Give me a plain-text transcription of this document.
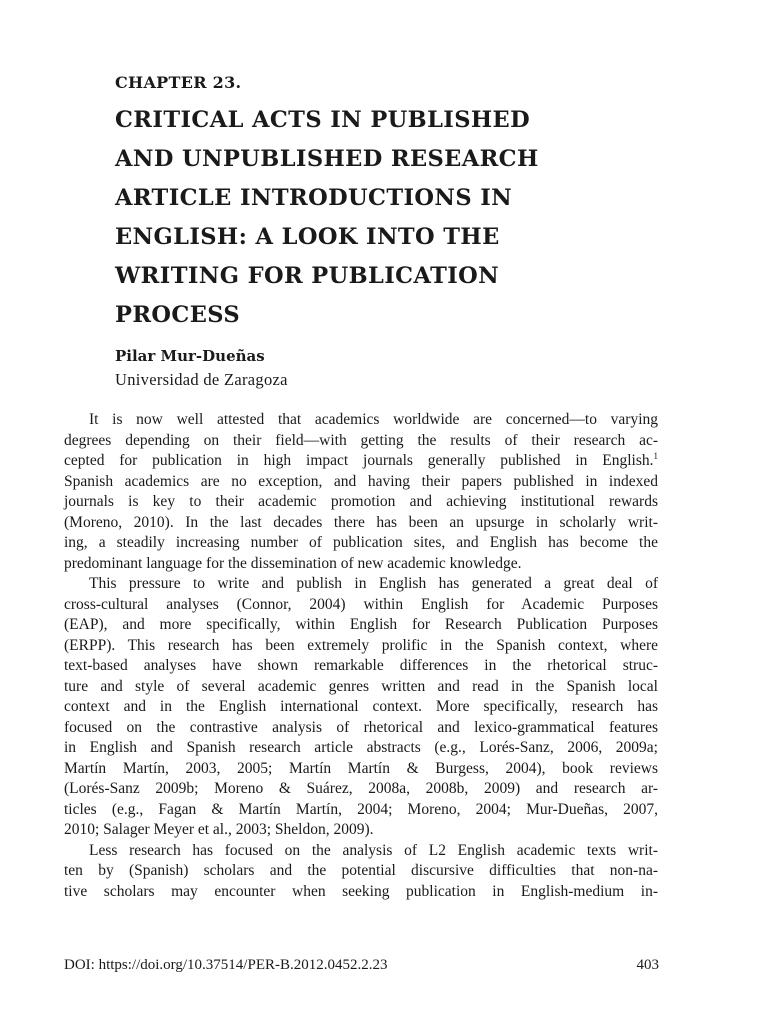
CHAPTER 23.
CRITICAL ACTS IN PUBLISHED
AND UNPUBLISHED RESEARCH
ARTICLE INTRODUCTIONS IN
ENGLISH: A LOOK INTO THE
WRITING FOR PUBLICATION
PROCESS
Pilar Mur-Dueñas
Universidad de Zaragoza
It is now well attested that academics worldwide are concerned—to varying
degrees depending on their field—with getting the results of their research ac-
cepted for publication in high impact journals generally published in English.$^1$
Spanish academics are no exception, and having their papers published in indexed
journals is key to their academic promotion and achieving institutional rewards
(Moreno, 2010). In the last decades there has been an upsurge in scholarly writ-
ing, a steadily increasing number of publication sites, and English has become the
predominant language for the dissemination of new academic knowledge.
This pressure to write and publish in English has generated a great deal of
cross-cultural analyses (Connor, 2004) within English for Academic Purposes
(EAP), and more specifically, within English for Research Publication Purposes
(ERPP). This research has been extremely prolific in the Spanish context, where
text-based analyses have shown remarkable differences in the rhetorical struc-
ture and style of several academic genres written and read in the Spanish local
context and in the English international context. More specifically, research has
focused on the contrastive analysis of rhetorical and lexico-grammatical features
in English and Spanish research article abstracts (e.g., Lorés-Sanz, 2006, 2009a;
Martín Martín, 2003, 2005; Martín Martín & Burgess, 2004), book reviews
(Lorés-Sanz 2009b; Moreno & Suárez, 2008a, 2008b, 2009) and research ar-
ticles (e.g., Fagan & Martín Martín, 2004; Moreno, 2004; Mur-Dueñas, 2007,
2010; Salager Meyer et al., 2003; Sheldon, 2009).
Less research has focused on the analysis of L2 English academic texts writ-
ten by (Spanish) scholars and the potential discursive difficulties that non-na-
tive scholars may encounter when seeking publication in English-medium in-
DOI: https://doi.org/10.37514/PER-B.2012.0452.2.23	403
